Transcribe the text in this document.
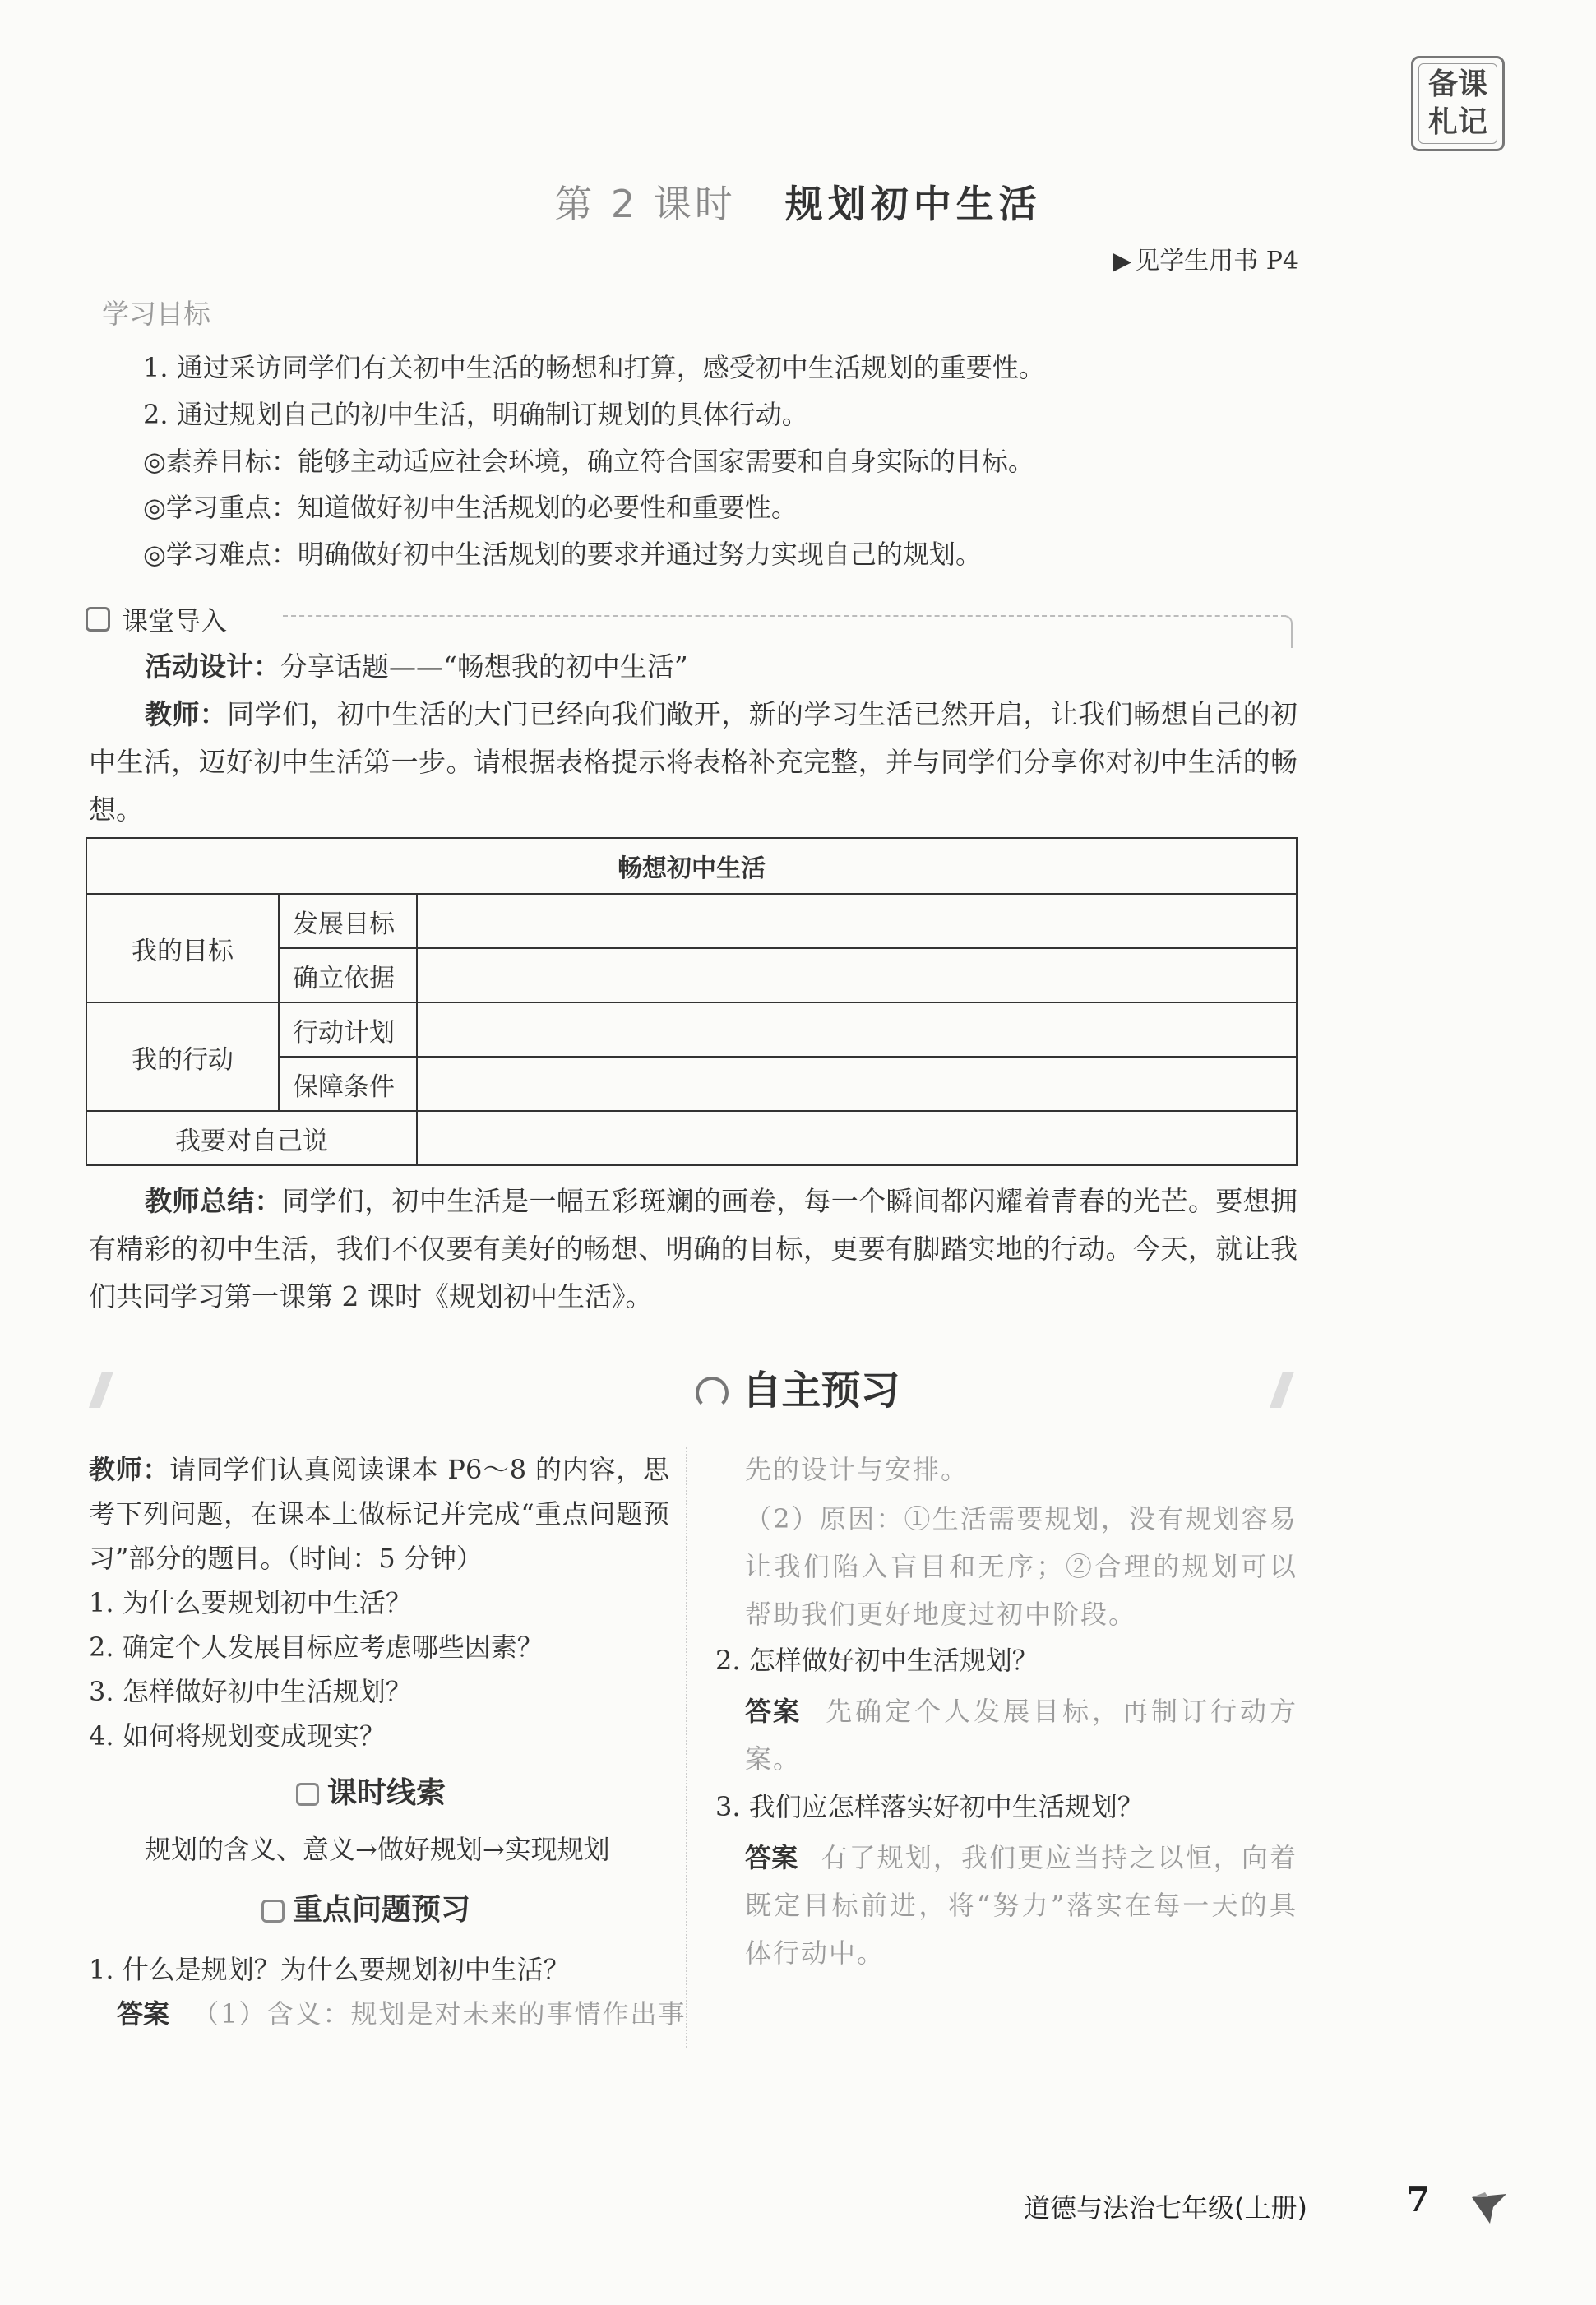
备课
札记
第 2 课时 规划初中生活
▶ 见学生用书 P4
学习目标
1. 通过采访同学们有关初中生活的畅想和打算，感受初中生活规划的重要性。
2. 通过规划自己的初中生活，明确制订规划的具体行动。
◎素养目标：能够主动适应社会环境，确立符合国家需要和自身实际的目标。
◎学习重点：知道做好初中生活规划的必要性和重要性。
◎学习难点：明确做好初中生活规划的要求并通过努力实现自己的规划。
课堂导入
活动设计：分享话题——“畅想我的初中生活”
教师：同学们，初中生活的大门已经向我们敞开，新的学习生活已然开启，让我们畅想自己的初中生活，迈好初中生活第一步。请根据表格提示将表格补充完整，并与同学们分享你对初中生活的畅想。
畅想初中生活		
我的目标	发展目标	
	确立依据	
我的行动	行动计划	
	保障条件	
我要对自己说		
教师总结：同学们，初中生活是一幅五彩斑斓的画卷，每一个瞬间都闪耀着青春的光芒。要想拥有精彩的初中生活，我们不仅要有美好的畅想、明确的目标，更要有脚踏实地的行动。今天，就让我们共同学习第一课第 2 课时《规划初中生活》。
自主预习
教师：请同学们认真阅读课本 P6～8 的内容，思考下列问题，在课本上做标记并完成“重点问题预习”部分的题目。（时间：5 分钟）
1. 为什么要规划初中生活？
2. 确定个人发展目标应考虑哪些因素？
3. 怎样做好初中生活规划？
4. 如何将规划变成现实？
课时线索
规划的含义、意义→做好规划→实现规划
重点问题预习
1. 什么是规划？为什么要规划初中生活？
答案 （1）含义：规划是对未来的事情作出事
先的设计与安排。
（2）原因：①生活需要规划，没有规划容易让我们陷入盲目和无序；②合理的规划可以帮助我们更好地度过初中阶段。
2. 怎样做好初中生活规划？
答案 先确定个人发展目标，再制订行动方案。
3. 我们应怎样落实好初中生活规划？
答案 有了规划，我们更应当持之以恒，向着既定目标前进，将“努力”落实在每一天的具体行动中。
道德与法治七年级(上册)	7
